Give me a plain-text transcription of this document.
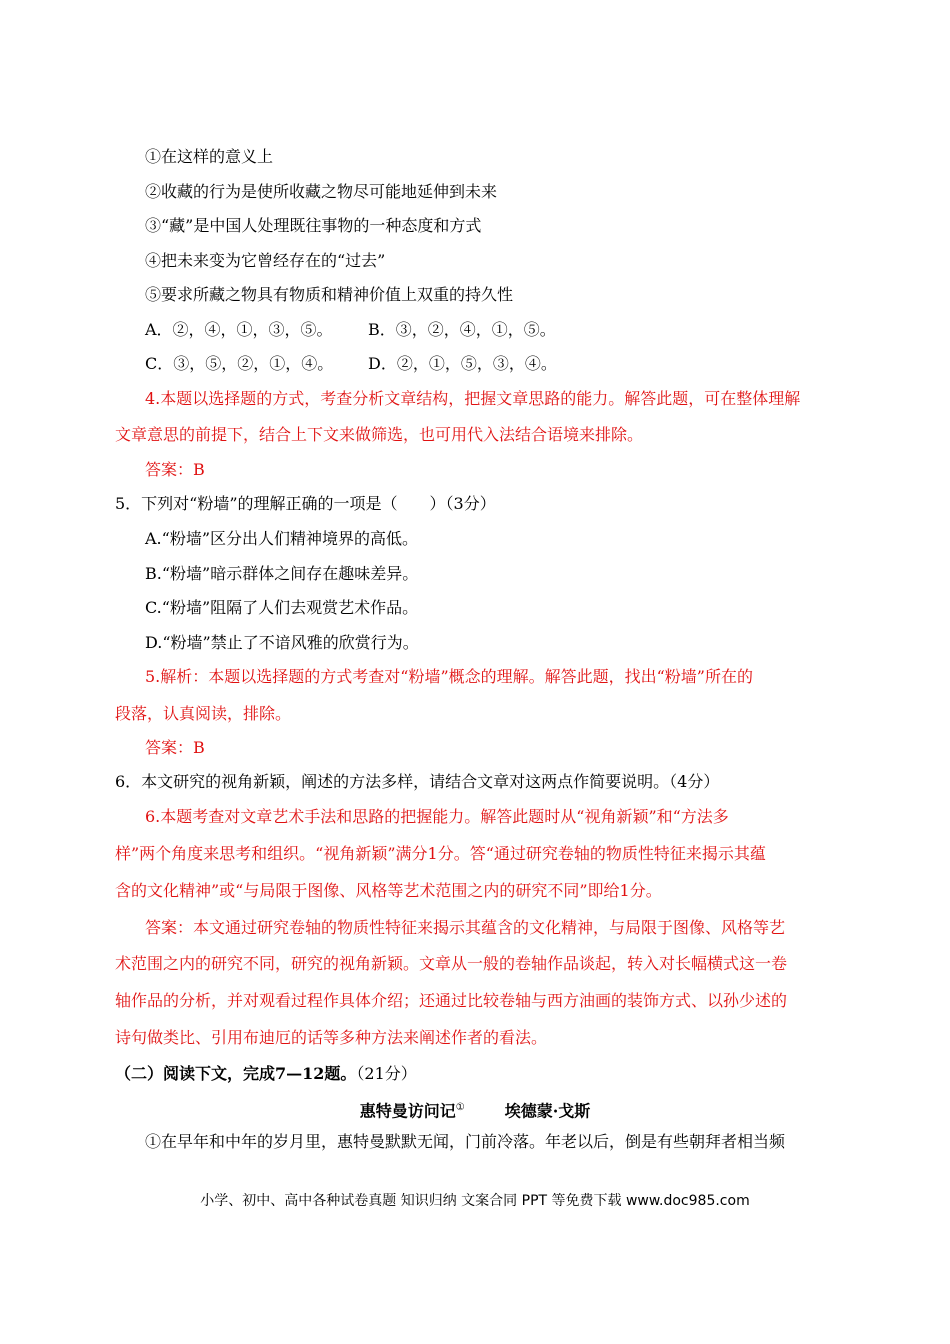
①在这样的意义上
②收藏的行为是使所收藏之物尽可能地延伸到未来
③“藏”是中国人处理既往事物的一种态度和方式
④把未来变为它曾经存在的“过去”
⑤要求所藏之物具有物质和精神价值上双重的持久性
A．②，④，①，③，⑤。 B．③，②，④，①，⑤。
C．③，⑤，②，①，④。 D．②，①，⑤，③，④。
4.本题以选择题的方式，考查分析文章结构，把握文章思路的能力。解答此题，可在整体理解
文章意思的前提下，结合上下文来做筛选，也可用代入法结合语境来排除。
答案：B
5．下列对“粉墙”的理解正确的一项是（　　）（3分）
A.“粉墙”区分出人们精神境界的高低。
B.“粉墙”暗示群体之间存在趣味差异。
C.“粉墙”阻隔了人们去观赏艺术作品。
D.“粉墙”禁止了不谙风雅的欣赏行为。
5.解析：本题以选择题的方式考查对“粉墙”概念的理解。解答此题，找出“粉墙”所在的
段落，认真阅读，排除。
答案：B
6．本文研究的视角新颖，阐述的方法多样，请结合文章对这两点作简要说明。（4分）
6.本题考查对文章艺术手法和思路的把握能力。解答此题时从“视角新颖”和“方法多
样”两个角度来思考和组织。“视角新颖”满分1分。答“通过研究卷轴的物质性特征来揭示其蕴
含的文化精神”或“与局限于图像、风格等艺术范围之内的研究不同”即给1分。
答案：本文通过研究卷轴的物质性特征来揭示其蕴含的文化精神，与局限于图像、风格等艺
术范围之内的研究不同，研究的视角新颖。文章从一般的卷轴作品谈起，转入对长幅横式这一卷
轴作品的分析，并对观看过程作具体介绍；还通过比较卷轴与西方油画的装饰方式、以孙少述的
诗句做类比、引用布迪厄的话等多种方法来阐述作者的看法。
（二）阅读下文，完成7—12题。（21分）
惠特曼访问记①	埃德蒙·戈斯
①在早年和中年的岁月里，惠特曼默默无闻，门前冷落。年老以后，倒是有些朝拜者相当频
小学、初中、高中各种试卷真题 知识归纳 文案合同 PPT 等免费下载 www.doc985.com
